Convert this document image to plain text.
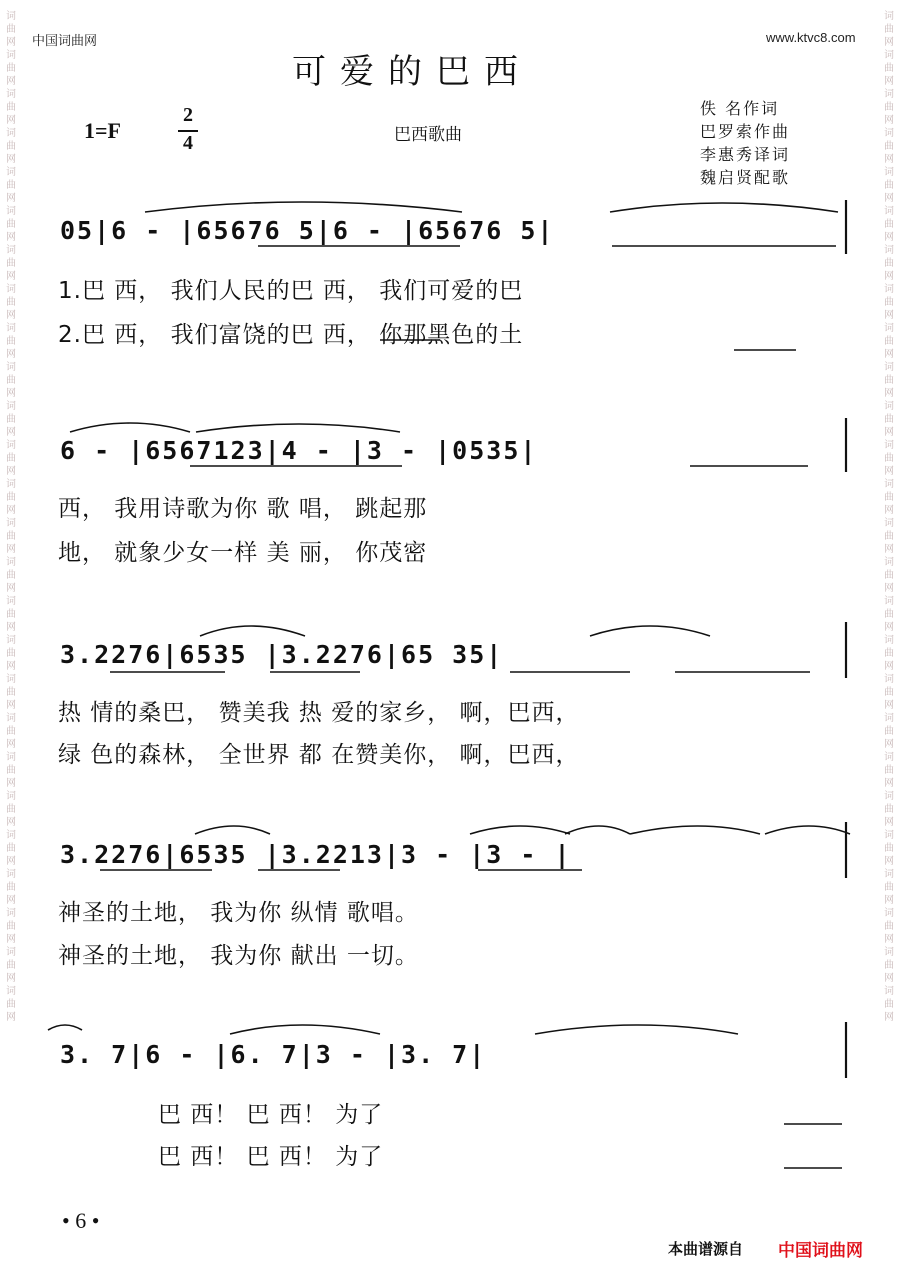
词曲网词曲网词曲网词曲网词曲网词曲网词曲网词曲网词曲网词曲网词曲网词曲网词曲网词曲网词曲网词曲网词曲网词曲网词曲网词曲网词曲网词曲网词曲网词曲网词曲网词曲网
词曲网词曲网词曲网词曲网词曲网词曲网词曲网词曲网词曲网词曲网词曲网词曲网词曲网词曲网词曲网词曲网词曲网词曲网词曲网词曲网词曲网词曲网词曲网词曲网词曲网词曲网
中国词曲网	www.ktvc8.com
可爱的巴西
1=F
2
4	巴西歌曲
佚 名作词
巴罗索作曲
李惠秀译词
魏启贤配歌
05|6 - |65676 5|6 - |65676 5|
1.巴 西， 我们人民的巴 西， 我们可爱的巴
2.巴 西， 我们富饶的巴 西， 你那黑色的土
6 - |6567123|4 - |3 - |0535|
西， 我用诗歌为你 歌 唱， 跳起那
地， 就象少女一样 美 丽， 你茂密
3.2276|6535 |3.2276|65 35|
热 情的桑巴， 赞美我 热 爱的家乡， 啊，巴西，
绿 色的森林， 全世界 都 在赞美你， 啊，巴西，
3.2276|6535 |3.2213|3 - |3 - |
神圣的土地， 我为你 纵情 歌唱。
神圣的土地， 我为你 献出 一切。
3. 7|6 - |6. 7|3 - |3. 7|
巴 西！ 巴 西！ 为了
巴 西！ 巴 西！ 为了
• 6 •
本曲谱源自 中国词曲网
